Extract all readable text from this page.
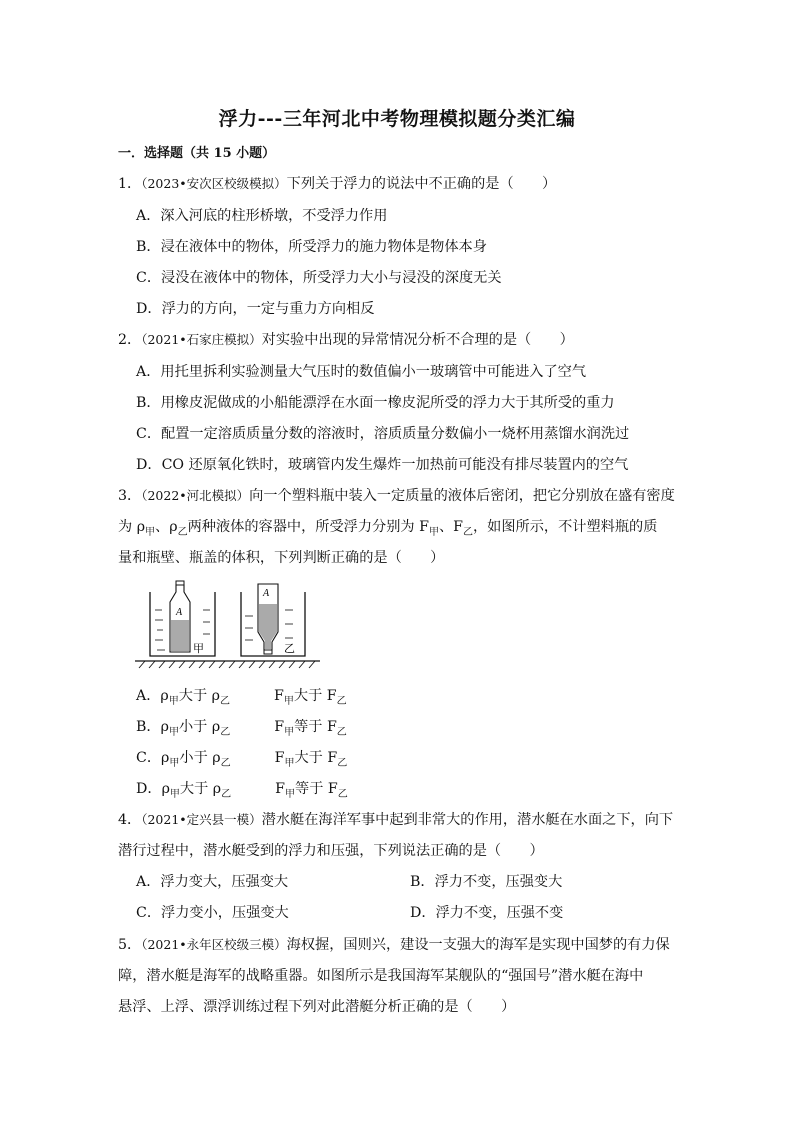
浮力---三年河北中考物理模拟题分类汇编
一．选择题（共 15 小题）
1．（2023•安次区校级模拟）下列关于浮力的说法中不正确的是（　　）
A．深入河底的柱形桥墩，不受浮力作用
B．浸在液体中的物体，所受浮力的施力物体是物体本身
C．浸没在液体中的物体，所受浮力大小与浸没的深度无关
D．浮力的方向，一定与重力方向相反
2．（2021•石家庄模拟）对实验中出现的异常情况分析不合理的是（　　）
A．用托里拆利实验测量大气压时的数值偏小一玻璃管中可能进入了空气
B．用橡皮泥做成的小船能漂浮在水面一橡皮泥所受的浮力大于其所受的重力
C．配置一定溶质质量分数的溶液时，溶质质量分数偏小一烧杯用蒸馏水润洗过
D．CO 还原氧化铁时，玻璃管内发生爆炸一加热前可能没有排尽装置内的空气
3．（2022•河北模拟）向一个塑料瓶中装入一定质量的液体后密闭，把它分别放在盛有密度
为 $\rho_甲$、$\rho_乙$两种液体的容器中，所受浮力分别为 $F_甲$、$F_乙$，如图所示，不计塑料瓶的质
量和瓶壁、瓶盖的体积，下列判断正确的是（　　）
A
甲
A
乙
A．$\rho_甲$大于 $\rho_乙$	$F_甲$大于 $F_乙$
B．$\rho_甲$小于 $\rho_乙$	$F_甲$等于 $F_乙$
C．$\rho_甲$小于 $\rho_乙$	$F_甲$大于 $F_乙$
D．$\rho_甲$大于 $\rho_乙$	$F_甲$等于 $F_乙$
4．（2021•定兴县一模）潜水艇在海洋军事中起到非常大的作用，潜水艇在水面之下，向下
潜行过程中，潜水艇受到的浮力和压强，下列说法正确的是（　　）
A．浮力变大，压强变大	B．浮力不变，压强变大
C．浮力变小，压强变大	D．浮力不变，压强不变
5．（2021•永年区校级三模）海权握，国则兴，建设一支强大的海军是实现中国梦的有力保
障，潜水艇是海军的战略重器。如图所示是我国海军某舰队的“强国号”潜水艇在海中
悬浮、上浮、漂浮训练过程下列对此潜艇分析正确的是（　　）
